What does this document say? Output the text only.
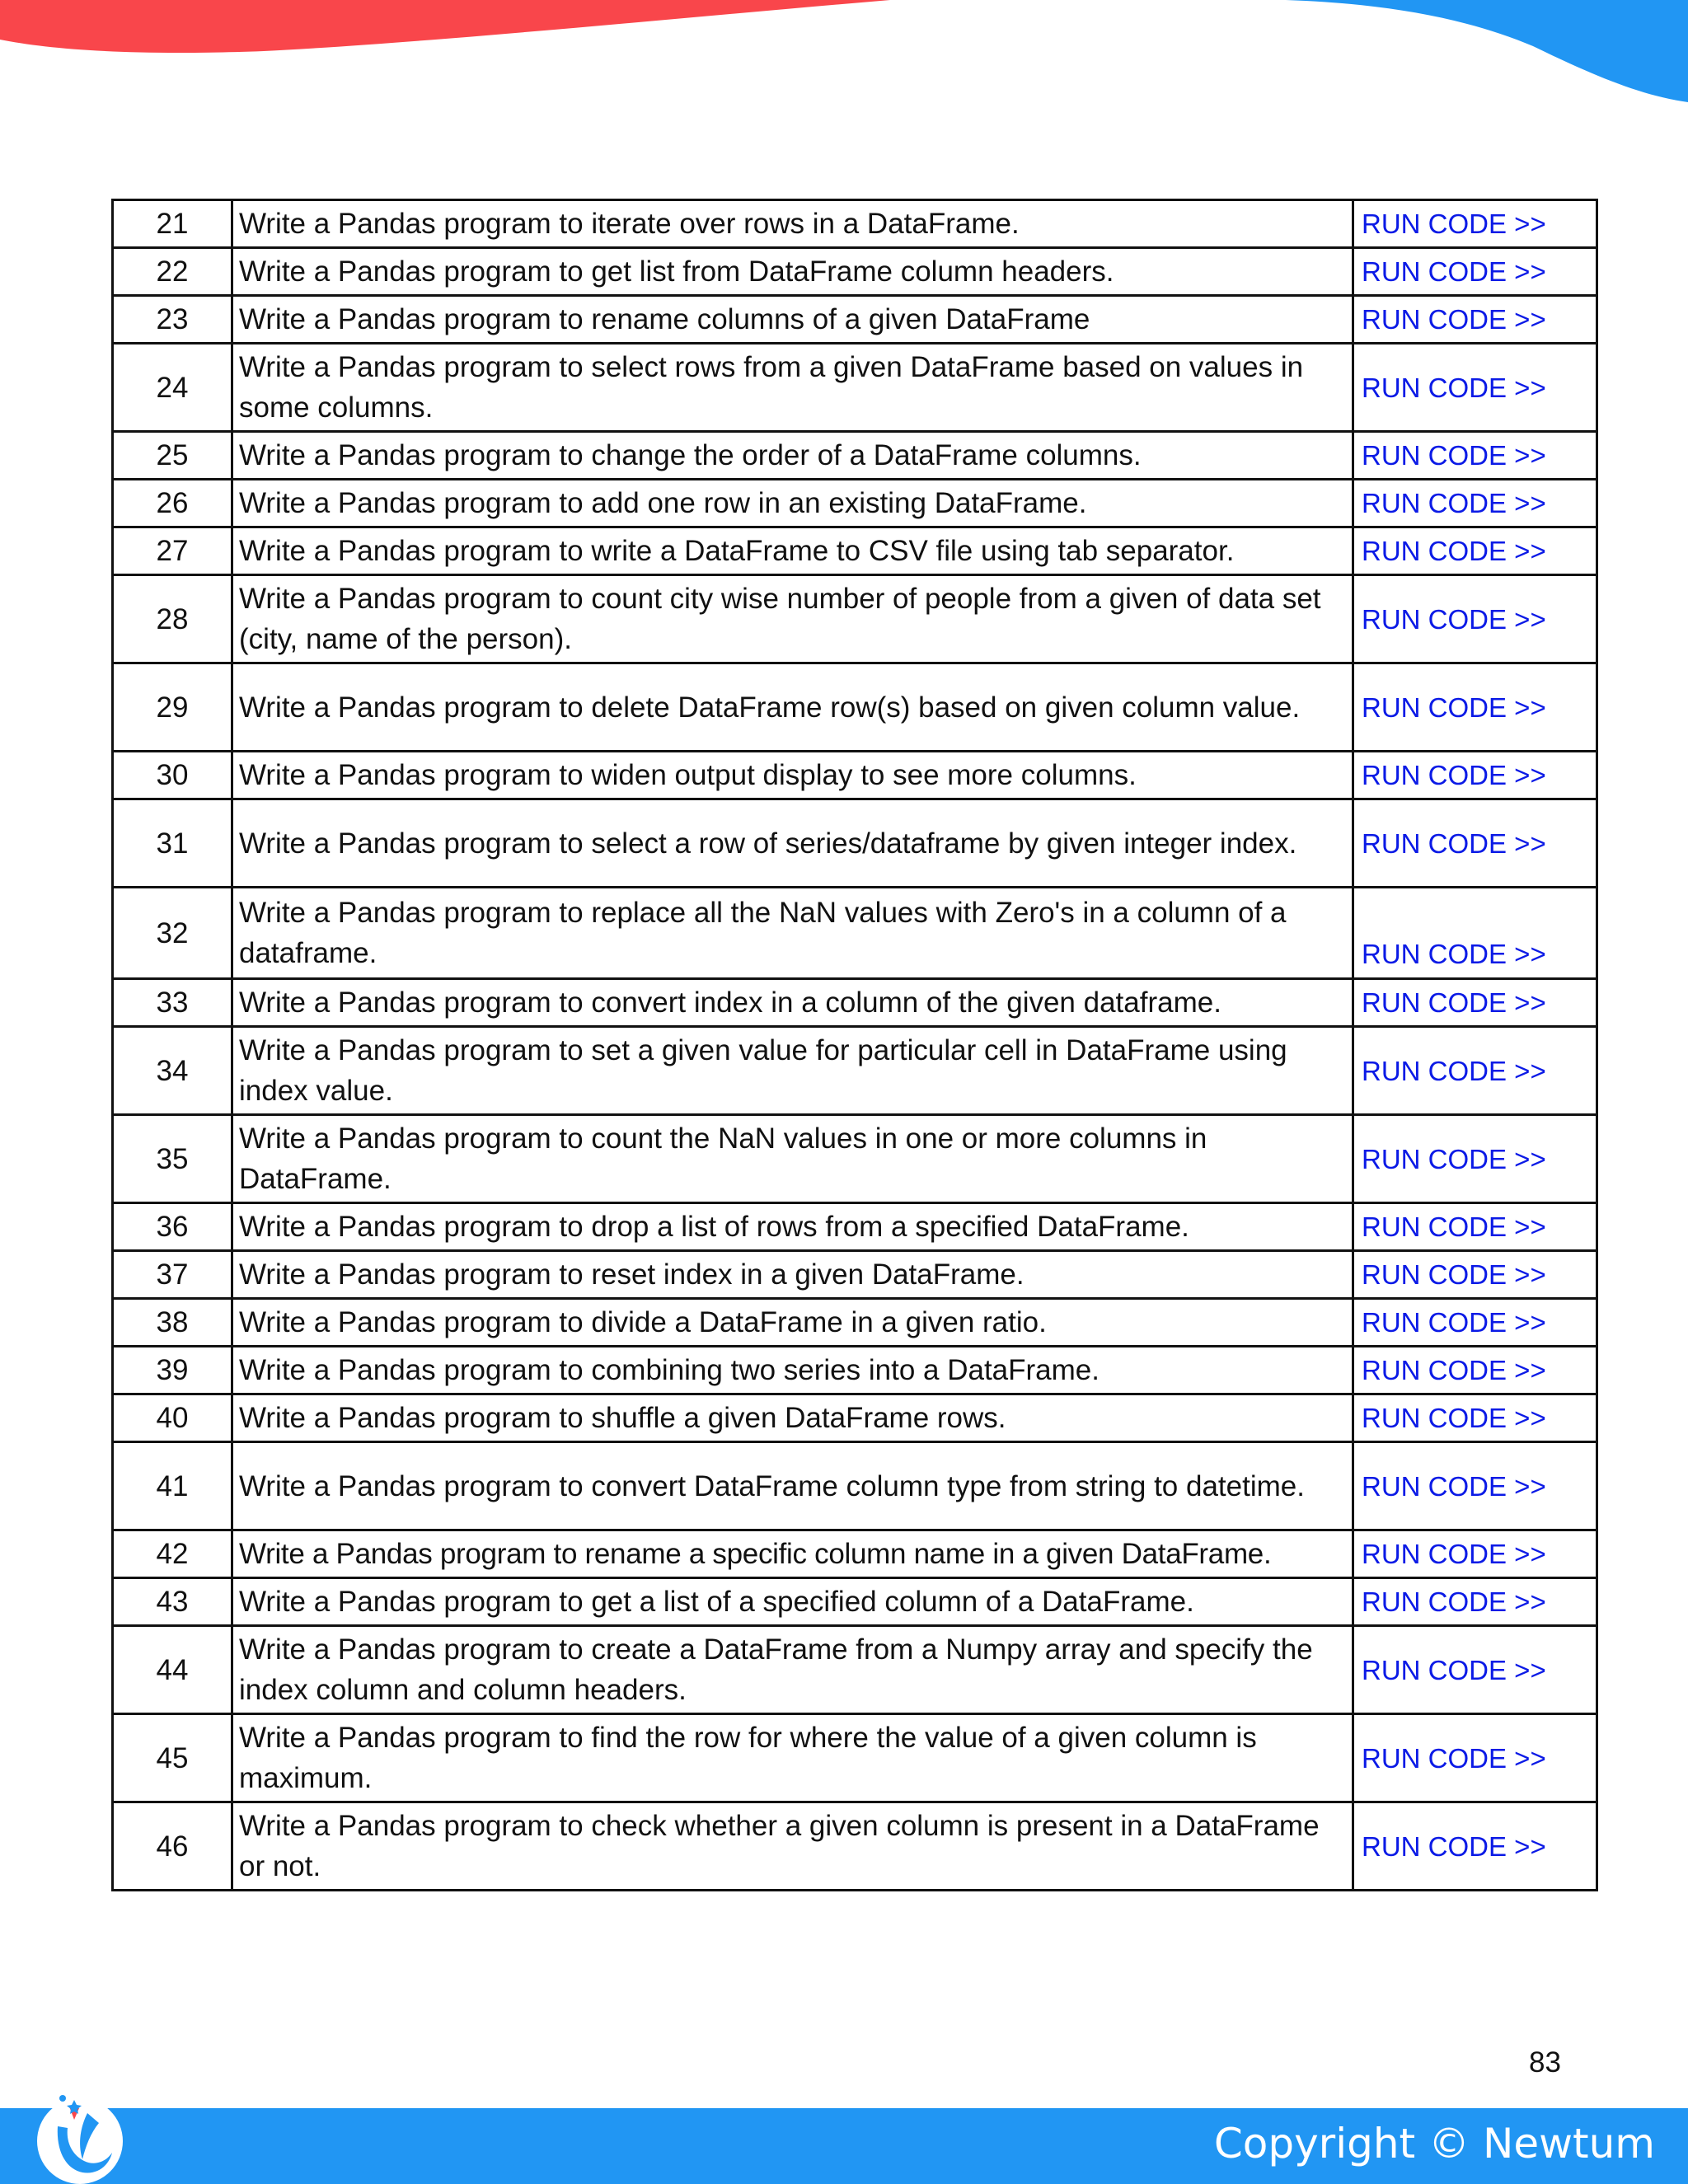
21	Write a Pandas program to iterate over rows in a DataFrame.	RUN CODE >>
22	Write a Pandas program to get list from DataFrame column headers.	RUN CODE >>
23	Write a Pandas program to rename columns of a given DataFrame	RUN CODE >>
24	Write a Pandas program to select rows from a given DataFrame based on values in some columns.	RUN CODE >>
25	Write a Pandas program to change the order of a DataFrame columns.	RUN CODE >>
26	Write a Pandas program to add one row in an existing DataFrame.	RUN CODE >>
27	Write a Pandas program to write a DataFrame to CSV file using tab separator.	RUN CODE >>
28	Write a Pandas program to count city wise number of people from a given of data set (city, name of the person).	RUN CODE >>
29	Write a Pandas program to delete DataFrame row(s) based on given column value.	RUN CODE >>
30	Write a Pandas program to widen output display to see more columns.	RUN CODE >>
31	Write a Pandas program to select a row of series/dataframe by given integer index.	RUN CODE >>
32	Write a Pandas program to replace all the NaN values with Zero's in a column of a dataframe.	RUN CODE >>
33	Write a Pandas program to convert index in a column of the given dataframe.	RUN CODE >>
34	Write a Pandas program to set a given value for particular cell in DataFrame using index value.	RUN CODE >>
35	Write a Pandas program to count the NaN values in one or more columns in DataFrame.	RUN CODE >>
36	Write a Pandas program to drop a list of rows from a specified DataFrame.	RUN CODE >>
37	Write a Pandas program to reset index in a given DataFrame.	RUN CODE >>
38	Write a Pandas program to divide a DataFrame in a given ratio.	RUN CODE >>
39	Write a Pandas program to combining two series into a DataFrame.	RUN CODE >>
40	Write a Pandas program to shuffle a given DataFrame rows.	RUN CODE >>
41	Write a Pandas program to convert DataFrame column type from string to datetime.	RUN CODE >>
42	Write a Pandas program to rename a specific column name in a given DataFrame.	RUN CODE >>
43	Write a Pandas program to get a list of a specified column of a DataFrame.	RUN CODE >>
44	Write a Pandas program to create a DataFrame from a Numpy array and specify the index column and column headers.	RUN CODE >>
45	Write a Pandas program to find the row for where the value of a given column is maximum.	RUN CODE >>
46	Write a Pandas program to check whether a given column is present in a DataFrame or not.	RUN CODE >>
83
Copyright © Newtum
